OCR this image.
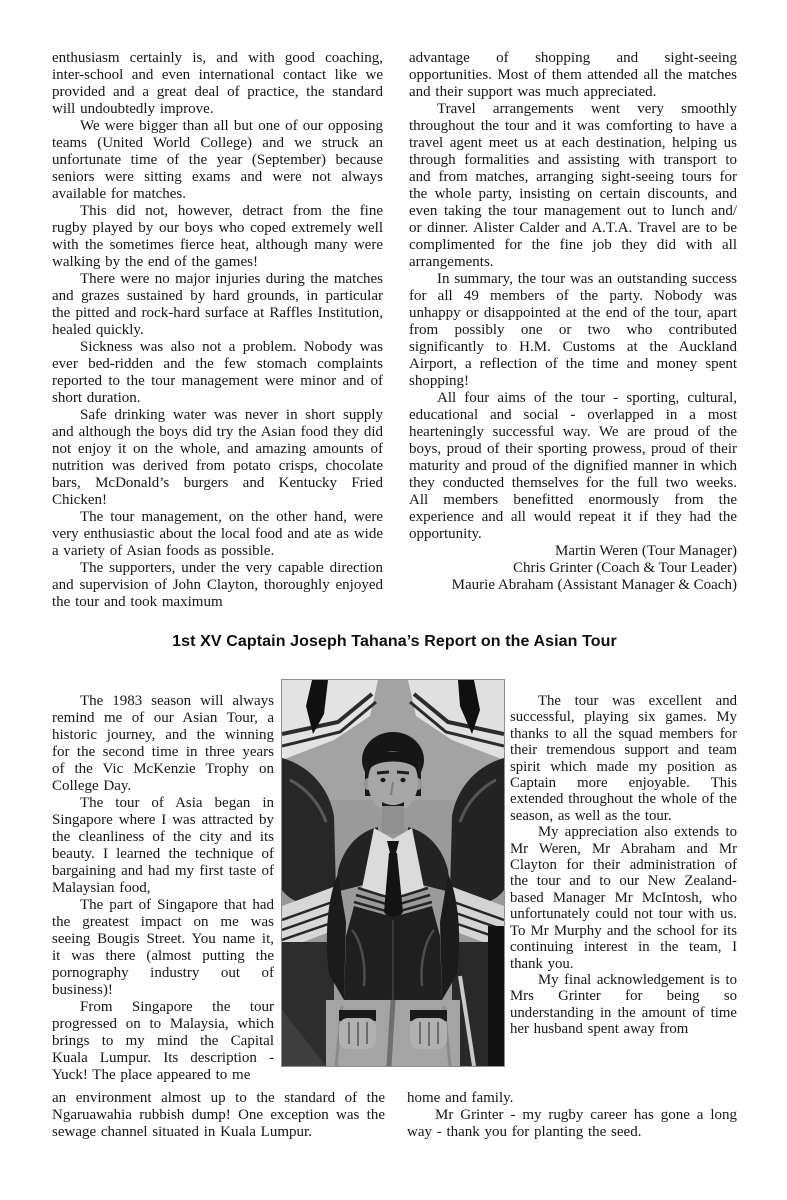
enthusiasm certainly is, and with good coaching, inter-school and even international contact like we provided and a great deal of practice, the standard will undoubtedly improve.

We were bigger than all but one of our opposing teams (United World College) and we struck an unfortunate time of the year (September) because seniors were sitting exams and were not always available for matches.

This did not, however, detract from the fine rugby played by our boys who coped extremely well with the sometimes fierce heat, although many were walking by the end of the games!

There were no major injuries during the matches and grazes sustained by hard grounds, in particular the pitted and rock-hard surface at Raffles Institution, healed quickly.

Sickness was also not a problem. Nobody was ever bed-ridden and the few stomach complaints reported to the tour management were minor and of short duration.

Safe drinking water was never in short supply and although the boys did try the Asian food they did not enjoy it on the whole, and amazing amounts of nutrition was derived from potato crisps, chocolate bars, McDonald’s burgers and Kentucky Fried Chicken!

The tour management, on the other hand, were very enthusiastic about the local food and ate as wide a variety of Asian foods as possible.

The supporters, under the very capable direction and supervision of John Clayton, thoroughly enjoyed the tour and took maximum

advantage of shopping and sight-seeing opportunities. Most of them attended all the matches and their support was much appreciated.

Travel arrangements went very smoothly throughout the tour and it was comforting to have a travel agent meet us at each destination, helping us through formalities and assisting with transport to and from matches, arranging sight-seeing tours for the whole party, insisting on certain discounts, and even taking the tour management out to lunch and/ or dinner. Alister Calder and A.T.A. Travel are to be complimented for the fine job they did with all arrangements.

In summary, the tour was an outstanding success for all 49 members of the party. Nobody was unhappy or disappointed at the end of the tour, apart from possibly one or two who contributed significantly to H.M. Customs at the Auckland Airport, a reflection of the time and money spent shopping!

All four aims of the tour - sporting, cultural, educational and social - overlapped in a most hearteningly successful way. We are proud of the boys, proud of their sporting prowess, proud of their maturity and proud of the dignified manner in which they conducted themselves for the full two weeks. All members benefitted enormously from the experience and all would repeat it if they had the opportunity.

Martin Weren (Tour Manager)
Chris Grinter (Coach & Tour Leader)
Maurie Abraham (Assistant Manager & Coach)
1st XV Captain Joseph Tahana’s Report on the Asian Tour

The 1983 season will always remind me of our Asian Tour, a historic journey, and the winning for the second time in three years of the Vic McKenzie Trophy on College Day.

The tour of Asia began in Singapore where I was attracted by the cleanliness of the city and its beauty. I learned the technique of bargaining and had my first taste of Malaysian food,

The part of Singapore that had the greatest impact on me was seeing Bougis Street. You name it, it was there (almost putting the pornography industry out of business)!

From Singapore the tour progressed on to Malaysia, which brings to my mind the Capital Kuala Lumpur. Its description - Yuck! The place appeared to me

The tour was excellent and successful, playing six games. My thanks to all the squad members for their tremendous support and team spirit which made my position as Captain more enjoyable. This extended throughout the whole of the season, as well as the tour.

My appreciation also extends to Mr Weren, Mr Abraham and Mr Clayton for their administration of the tour and to our New Zealand-based Manager Mr McIntosh, who unfortunately could not tour with us. To Mr Murphy and the school for its continuing interest in the team, I thank you.

My final acknowledgement is to Mrs Grinter for being so understanding in the amount of time her husband spent away from

an environment almost up to the standard of the Ngaruawahia rubbish dump! One exception was the sewage channel situated in Kuala Lumpur.

home and family.

Mr Grinter - my rugby career has gone a long way - thank you for planting the seed.
